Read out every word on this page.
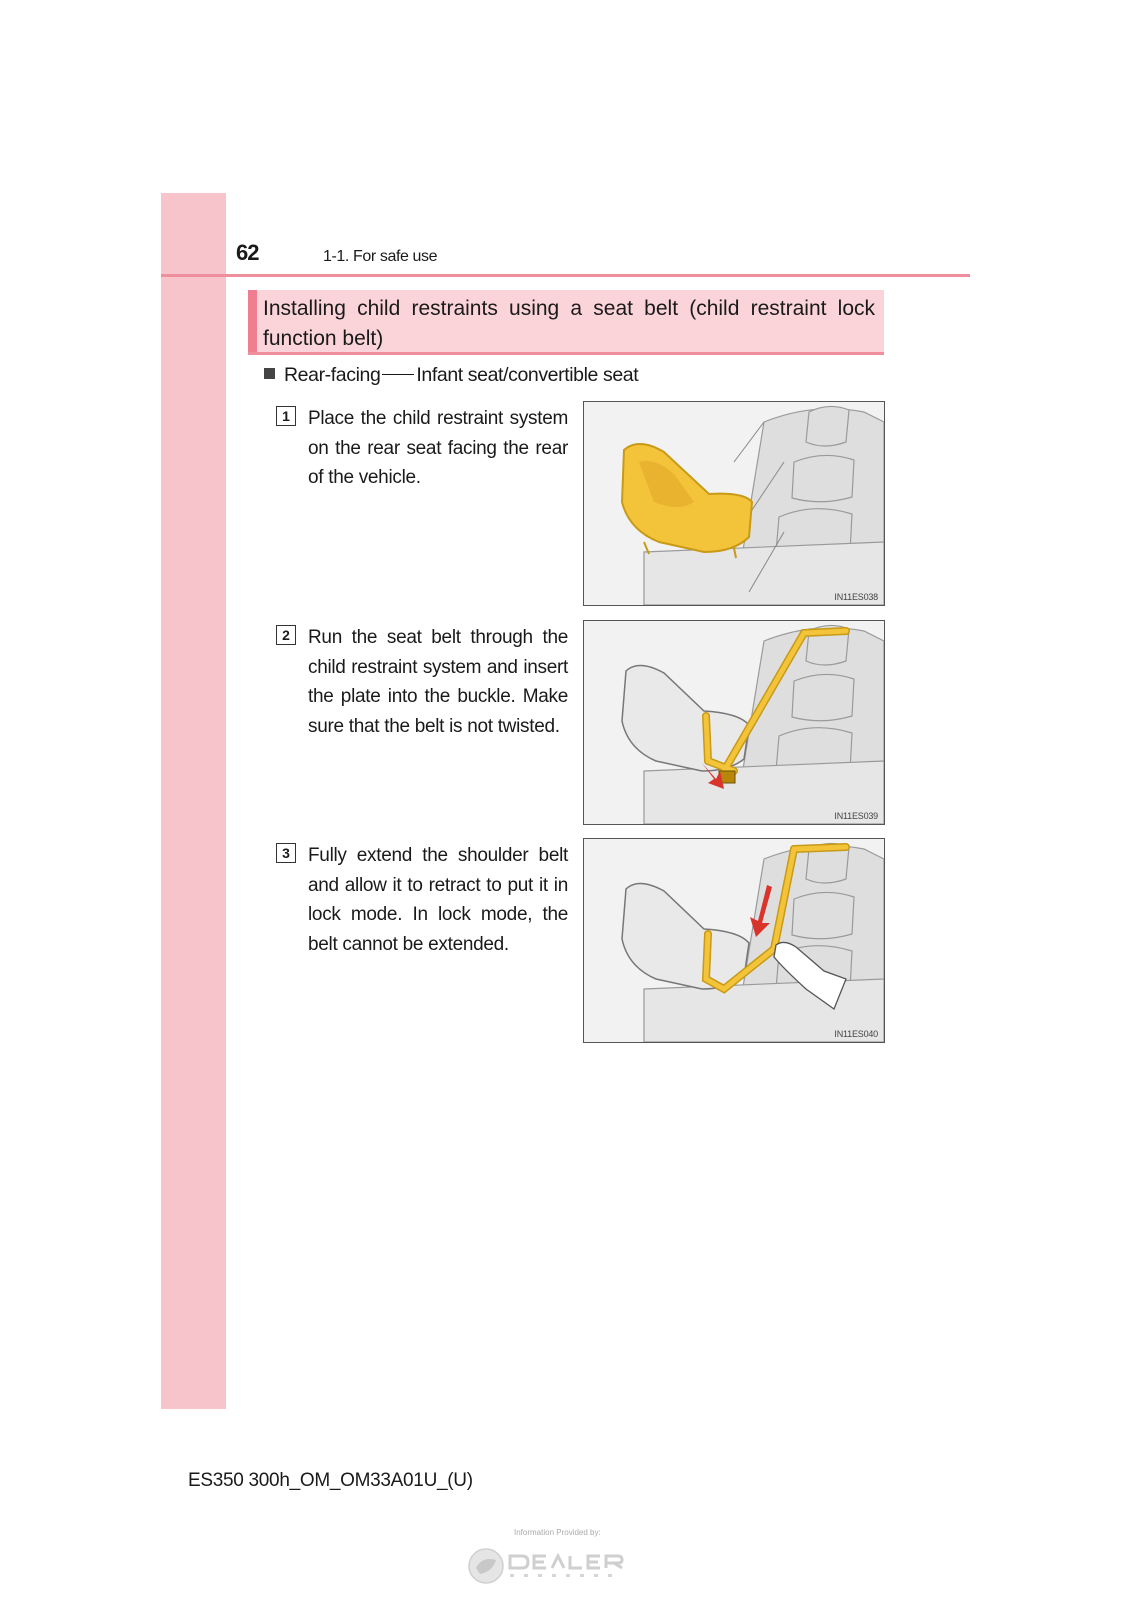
62	1-1. For safe use
Installing child restraints using a seat belt (child restraint lock function belt)
Rear-facing Infant seat/convertible seat
1 Place the child restraint system on the rear seat facing the rear of the vehicle.

IN11ES038
2 Run the seat belt through the child restraint system and insert the plate into the buckle. Make sure that the belt is not twisted.

IN11ES039
3 Fully extend the shoulder belt and allow it to retract to put it in lock mode. In lock mode, the belt cannot be extended.

IN11ES040
ES350 300h_OM_OM33A01U_(U)
Information Provided by:
